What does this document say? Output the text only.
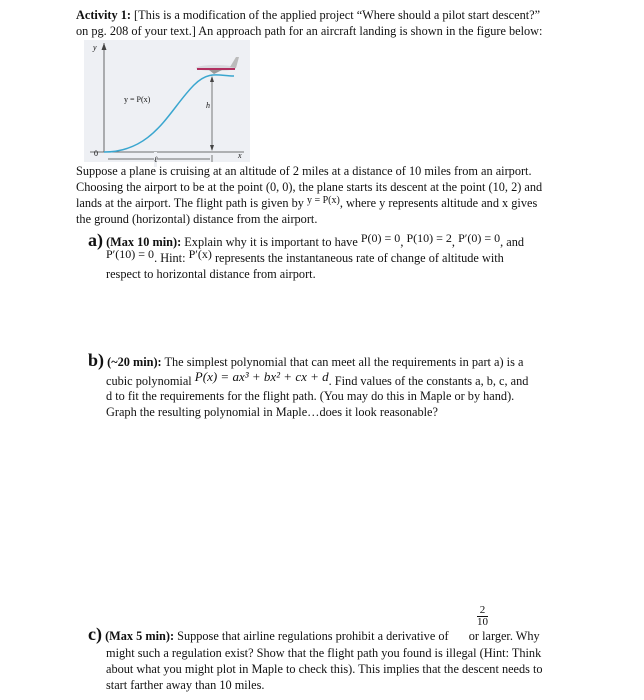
Activity 1: [This is a modification of the applied project “Where should a pilot start descent?”
on pg. 208 of your text.] An approach path for an aircraft landing is shown in the figure below:
y
x
0
y = P(x)
h
ℓ
Suppose a plane is cruising at an altitude of 2 miles at a distance of 10 miles from an airport.
Choosing the airport to be at the point (0, 0), the plane starts its descent at the point (10, 2) and
lands at the airport. The flight path is given by $^{y = P(x)}$, where y represents altitude and x gives
the ground (horizontal) distance from the airport.
a) (Max 10 min): Explain why it is important to have P(0) = 0, P(10) = 2, P′(0) = 0, and
P′(10) = 0. Hint: P′(x) represents the instantaneous rate of change of altitude with
respect to horizontal distance from airport.
b) (~20 min): The simplest polynomial that can meet all the requirements in part a) is a
cubic polynomial P(x) = ax³ + bx² + cx + d. Find values of the constants a, b, c, and
d to fit the requirements for the flight path. (You may do this in Maple or by hand).
Graph the resulting polynomial in Maple…does it look reasonable?
$\frac{2}{10}$
c) (Max 5 min): Suppose that airline regulations prohibit a derivative of  or larger. Why
might such a regulation exist? Show that the flight path you found is illegal (Hint: Think
about what you might plot in Maple to check this). This implies that the descent needs to
start farther away than 10 miles.
